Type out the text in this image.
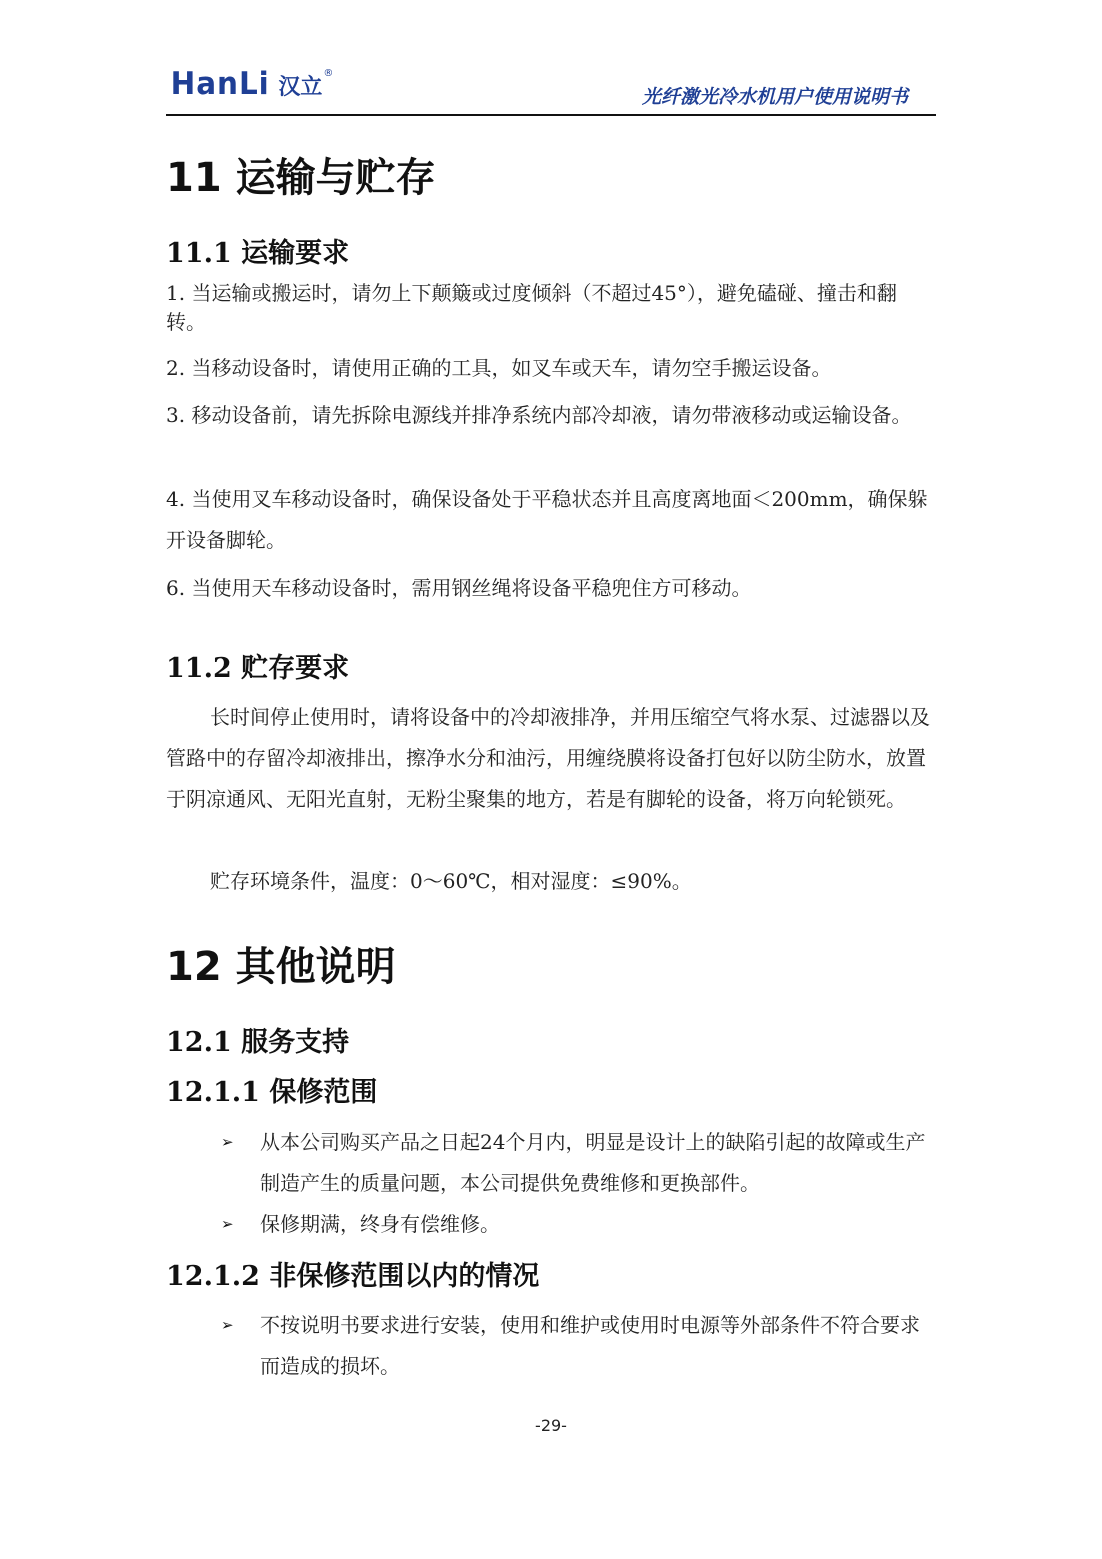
HanLi 汉立
®
光纤激光冷水机用户使用说明书
11 运输与贮存
11.1 运输要求
1. 当运输或搬运时，请勿上下颠簸或过度倾斜（不超过45°），避免磕碰、撞击和翻转。
2. 当移动设备时，请使用正确的工具，如叉车或天车，请勿空手搬运设备。
3. 移动设备前，请先拆除电源线并排净系统内部冷却液，请勿带液移动或运输设备。
4. 当使用叉车移动设备时，确保设备处于平稳状态并且高度离地面＜200mm，确保躲开设备脚轮。
6. 当使用天车移动设备时，需用钢丝绳将设备平稳兜住方可移动。
11.2 贮存要求
长时间停止使用时，请将设备中的冷却液排净，并用压缩空气将水泵、过滤器以及管路中的存留冷却液排出，擦净水分和油污，用缠绕膜将设备打包好以防尘防水，放置于阴凉通风、无阳光直射，无粉尘聚集的地方，若是有脚轮的设备，将万向轮锁死。
贮存环境条件，温度：0～60℃，相对湿度：≤90%。
12 其他说明
12.1 服务支持
12.1.1 保修范围
➢ 从本公司购买产品之日起24个月内，明显是设计上的缺陷引起的故障或生产制造产生的质量问题，本公司提供免费维修和更换部件。
➢ 保修期满，终身有偿维修。
12.1.2 非保修范围以内的情况
➢ 不按说明书要求进行安装，使用和维护或使用时电源等外部条件不符合要求而造成的损坏。
-29-
